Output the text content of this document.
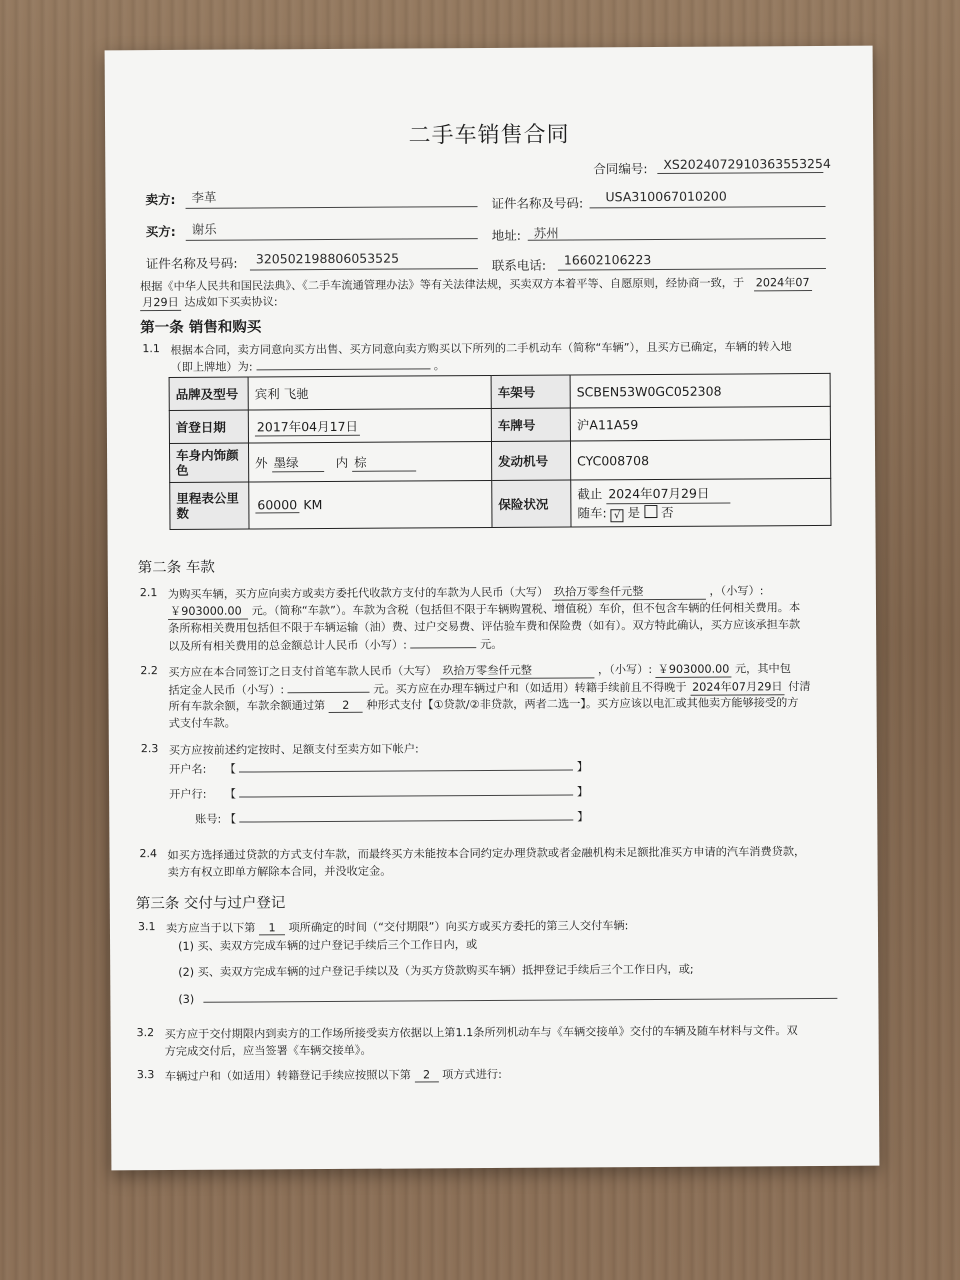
二手车销售合同
合同编号: XS2024072910363553254
卖方: 李革	证件名称及号码: USA310067010200
买方: 谢乐	地址: 苏州
证件名称及号码: 320502198806053525	联系电话: 16602106223
根据《中华人民共和国民法典》、《二手车流通管理办法》等有关法律法规，买卖双方本着平等、自愿原则，经协商一致，于 2024年07
月29日 达成如下买卖协议:
第一条 销售和购买
1.1 根据本合同，卖方同意向买方出售、买方同意向卖方购买以下所列的二手机动车（简称“车辆”），且买方已确定，车辆的转入地
（即上牌地）为:	。
品牌及型号	宾利 飞驰	车架号	SCBEN53W0GC052308
首登日期	2017年04月17日	车牌号	沪A11A59
车身内饰颜色	外 墨绿 内 棕	发动机号	CYC008708
里程表公里数	60000 KM	保险状况	截止 2024年07月29日
随车: √ 是 否
第二条 车款
2.1 为购买车辆，买方应向卖方或卖方委托代收款方支付的车款为人民币（大写） 玖拾万零叁仟元整	，（小写）:
￥903000.00 元。（简称“车款”）。车款为含税（包括但不限于车辆购置税、增值税）车价，但不包含车辆的任何相关费用。本
条所称相关费用包括但不限于车辆运输（油）费、过户交易费、评估验车费和保险费（如有）。双方特此确认，买方应该承担车款
以及所有相关费用的总金额总计人民币（小写）:	元。
2.2 买方应在本合同签订之日支付首笔车款人民币（大写） 玖拾万零叁仟元整	，（小写）: ￥903000.00 元，其中包
括定金人民币（小写）:	元。买方应在办理车辆过户和（如适用）转籍手续前且不得晚于 2024年07月29日 付清
所有车款余额，车款余额通过第 2 种形式支付【①贷款/②非贷款，两者二选一】。买方应该以电汇或其他卖方能够接受的方
式支付车款。
2.3 买方应按前述约定按时、足额支付至卖方如下帐户:
开户名: 【	】
开户行: 【	】
账号: 【	】
2.4 如买方选择通过贷款的方式支付车款，而最终买方未能按本合同约定办理贷款或者金融机构未足额批准买方申请的汽车消费贷款，
卖方有权立即单方解除本合同，并没收定金。
第三条 交付与过户登记
3.1 卖方应当于以下第 1 项所确定的时间（“交付期限”）向买方或买方委托的第三人交付车辆:
(1) 买、卖双方完成车辆的过户登记手续后三个工作日内，或
(2) 买、卖双方完成车辆的过户登记手续以及（为买方贷款购买车辆）抵押登记手续后三个工作日内，或;
(3)
3.2 买方应于交付期限内到卖方的工作场所接受卖方依据以上第1.1条所列机动车与《车辆交接单》交付的车辆及随车材料与文件。双
方完成交付后，应当签署《车辆交接单》。
3.3 车辆过户和（如适用）转籍登记手续应按照以下第 2 项方式进行:
